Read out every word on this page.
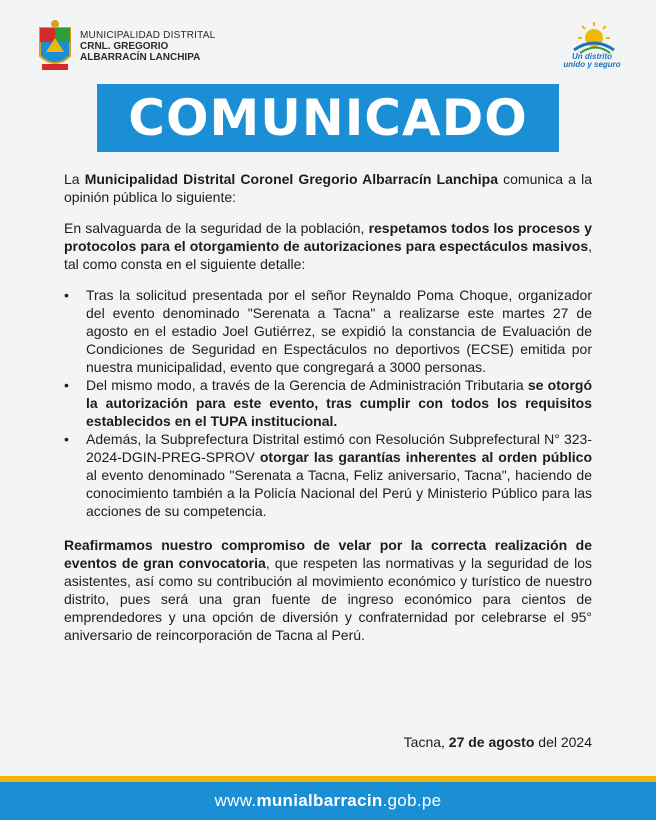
MUNICIPALIDAD DISTRITAL
CRNL. GREGORIO
ALBARRACÍN LANCHIPA	Un distrito
unido y seguro
COMUNICADO

La Municipalidad Distrital Coronel Gregorio Albarracín Lanchipa comunica a la opinión pública lo siguiente:

En salvaguarda de la seguridad de la población, respetamos todos los procesos y protocolos para el otorgamiento de autorizaciones para espectáculos masivos, tal como consta en el siguiente detalle:

• Tras la solicitud presentada por el señor Reynaldo Poma Choque, organizador del evento denominado "Serenata a Tacna" a realizarse este martes 27 de agosto en el estadio Joel Gutiérrez, se expidió la constancia de Evaluación de Condiciones de Seguridad en Espectáculos no deportivos (ECSE) emitida por nuestra municipalidad, evento que congregará a 3000 personas.
• Del mismo modo, a través de la Gerencia de Administración Tributaria se otorgó la autorización para este evento, tras cumplir con todos los requisitos establecidos en el TUPA institucional.
• Además, la Subprefectura Distrital estimó con Resolución Subprefectural N° 323-2024-DGIN-PREG-SPROV otorgar las garantías inherentes al orden público al evento denominado "Serenata a Tacna, Feliz aniversario, Tacna", haciendo de conocimiento también a la Policía Nacional del Perú y Ministerio Público para las acciones de su competencia.

Reafirmamos nuestro compromiso de velar por la correcta realización de eventos de gran convocatoria, que respeten las normativas y la seguridad de los asistentes, así como su contribución al movimiento económico y turístico de nuestro distrito, pues será una gran fuente de ingreso económico para cientos de emprendedores y una opción de diversión y confraternidad por celebrarse el 95° aniversario de reincorporación de Tacna al Perú.

Tacna, 27 de agosto del 2024
www. munialbarracin .gob.pe
